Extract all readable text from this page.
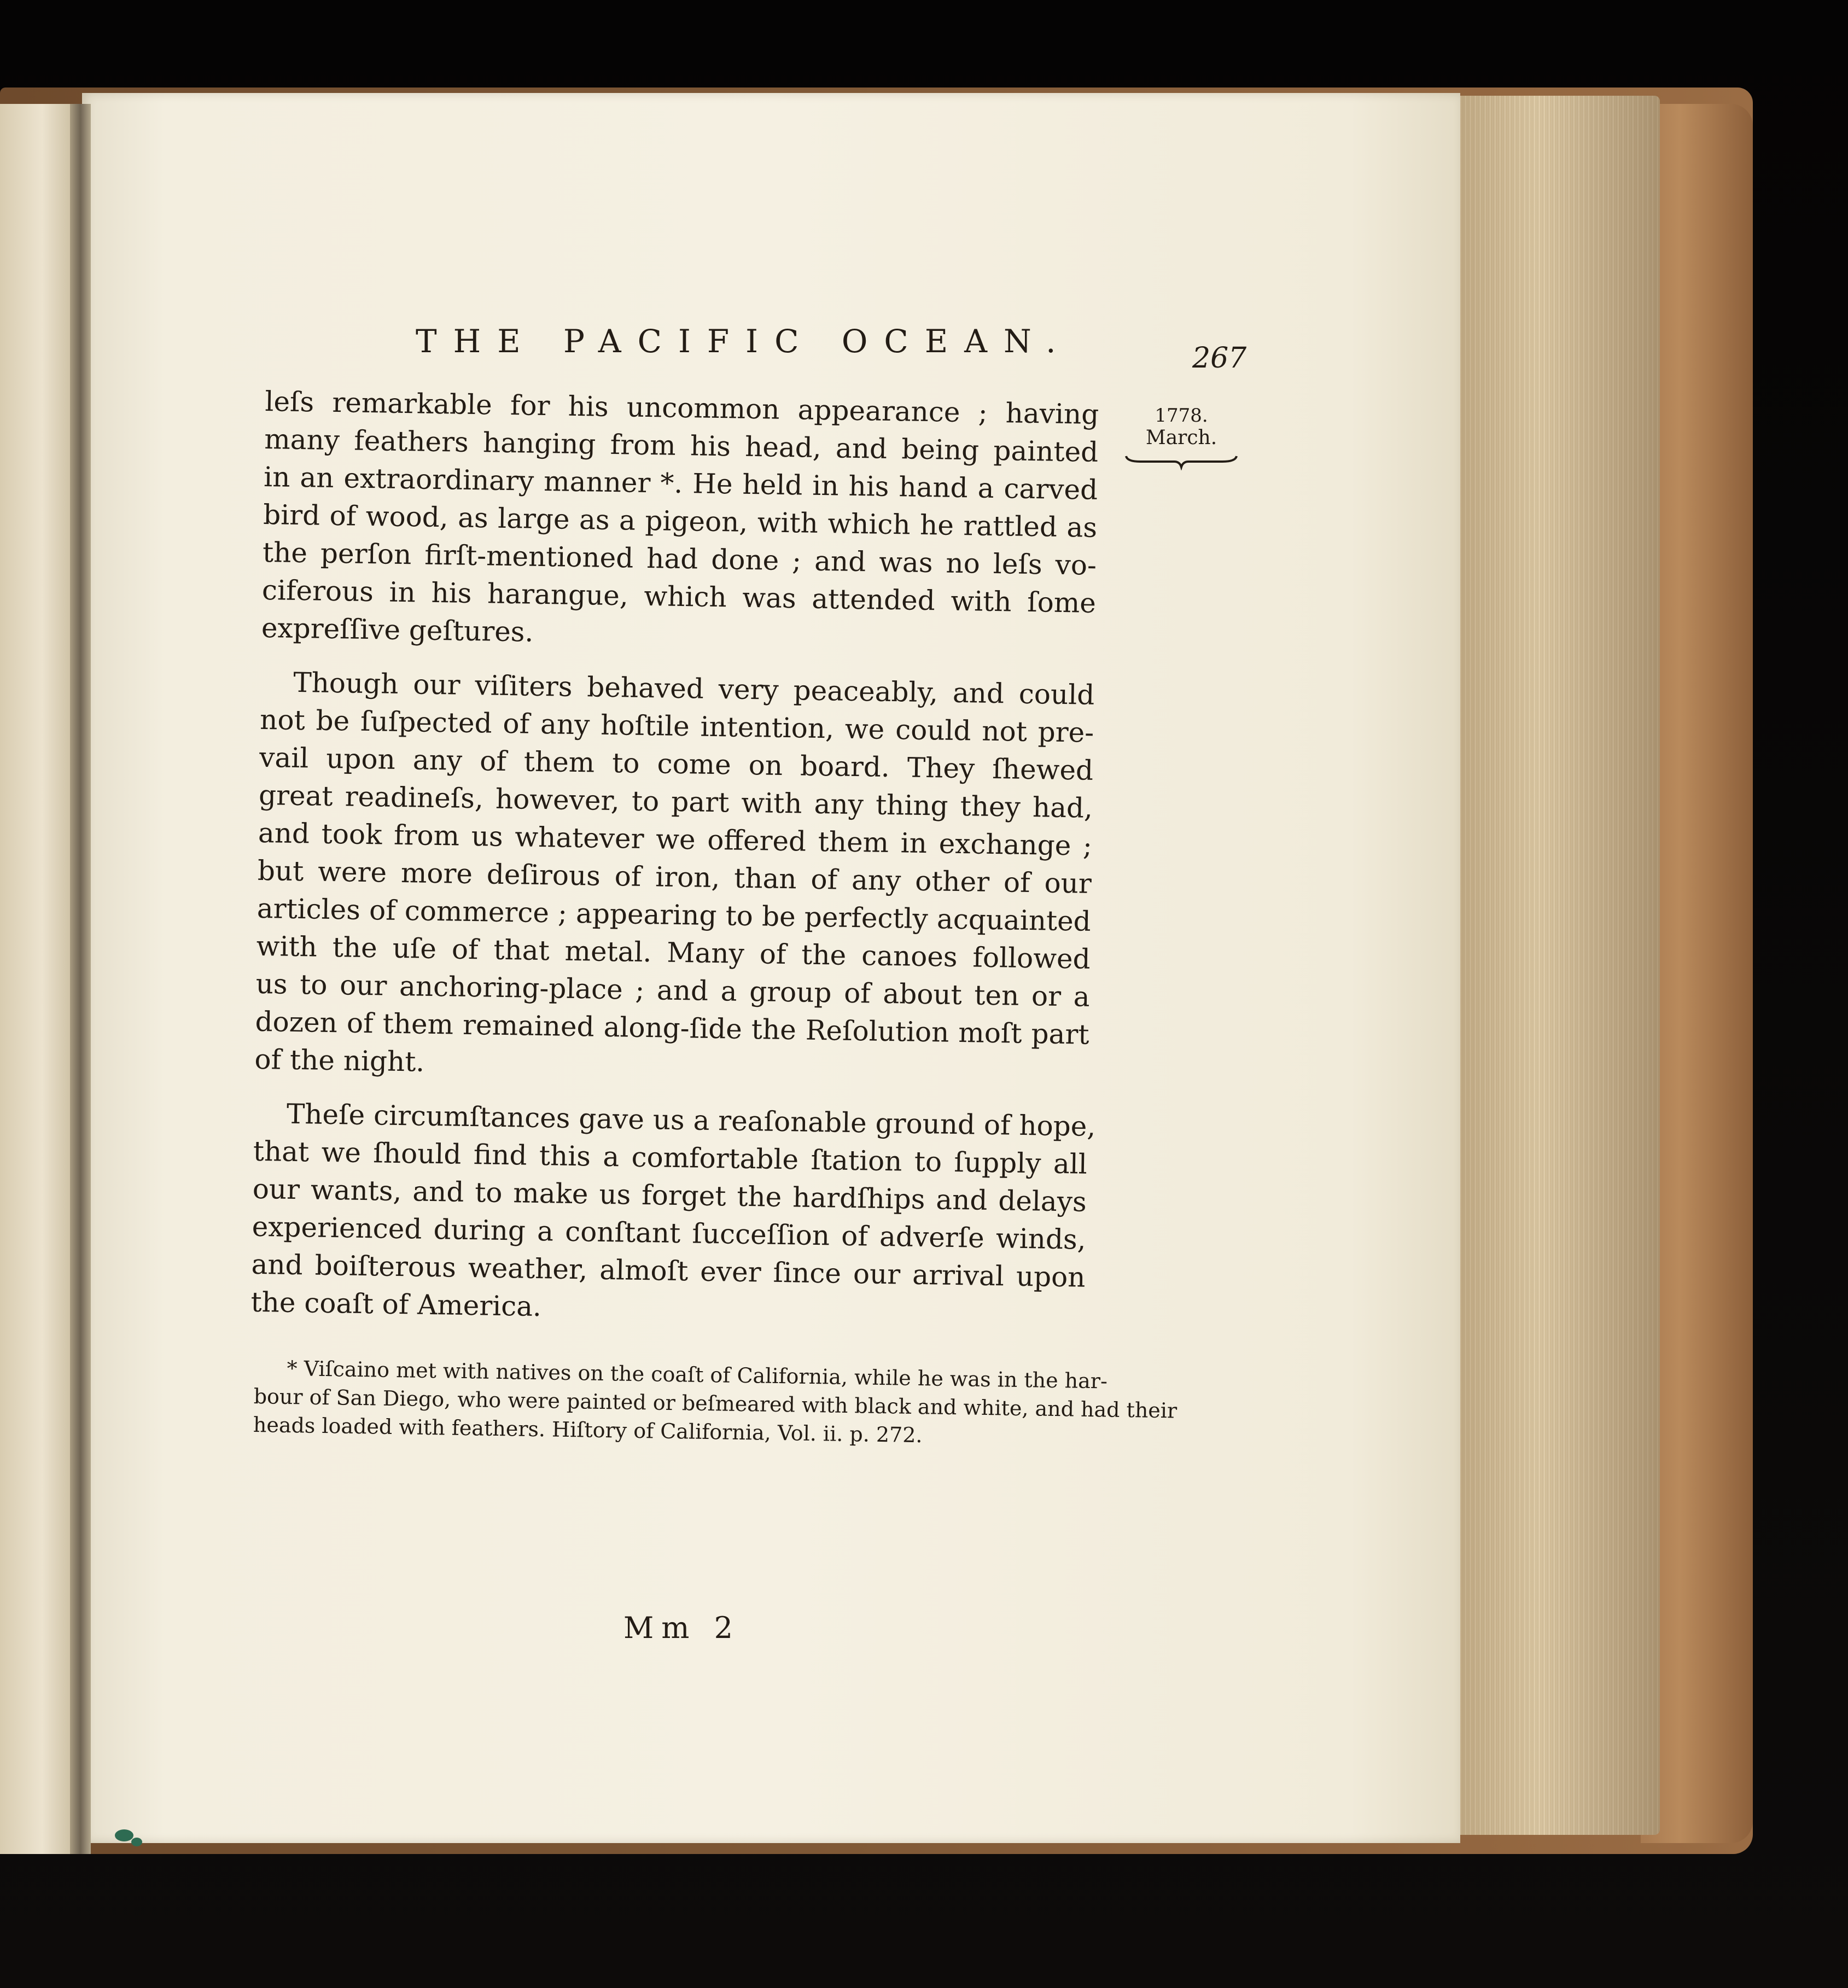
THE PACIFIC OCEAN.	267
1778.
March.
leſs remarkable for his uncommon appearance ; having
many feathers hanging from his head, and being painted
in an extraordinary manner *. He held in his hand a carved
bird of wood, as large as a pigeon, with which he rattled as
the perſon firſt-mentioned had done ; and was no leſs vo-
ciferous in his harangue, which was attended with ſome
expreſſive geſtures.
Though our viſiters behaved very peaceably, and could
not be ſuſpected of any hoſtile intention, we could not pre-
vail upon any of them to come on board. They ſhewed
great readineſs, however, to part with any thing they had,
and took from us whatever we offered them in exchange ;
but were more deſirous of iron, than of any other of our
articles of commerce ; appearing to be perfectly acquainted
with the uſe of that metal. Many of the canoes followed
us to our anchoring-place ; and a group of about ten or a
dozen of them remained along-ſide the Reſolution moſt part
of the night.
Theſe circumſtances gave us a reaſonable ground of hope,
that we ſhould find this a comfortable ſtation to ſupply all
our wants, and to make us forget the hardſhips and delays
experienced during a conſtant ſucceſſion of adverſe winds,
and boiſterous weather, almoſt ever ſince our arrival upon
the coaſt of America.
* Viſcaino met with natives on the coaſt of California, while he was in the har-
bour of San Diego, who were painted or beſmeared with black and white, and had their
heads loaded with feathers. Hiſtory of California, Vol. ii. p. 272.
Mm 2
